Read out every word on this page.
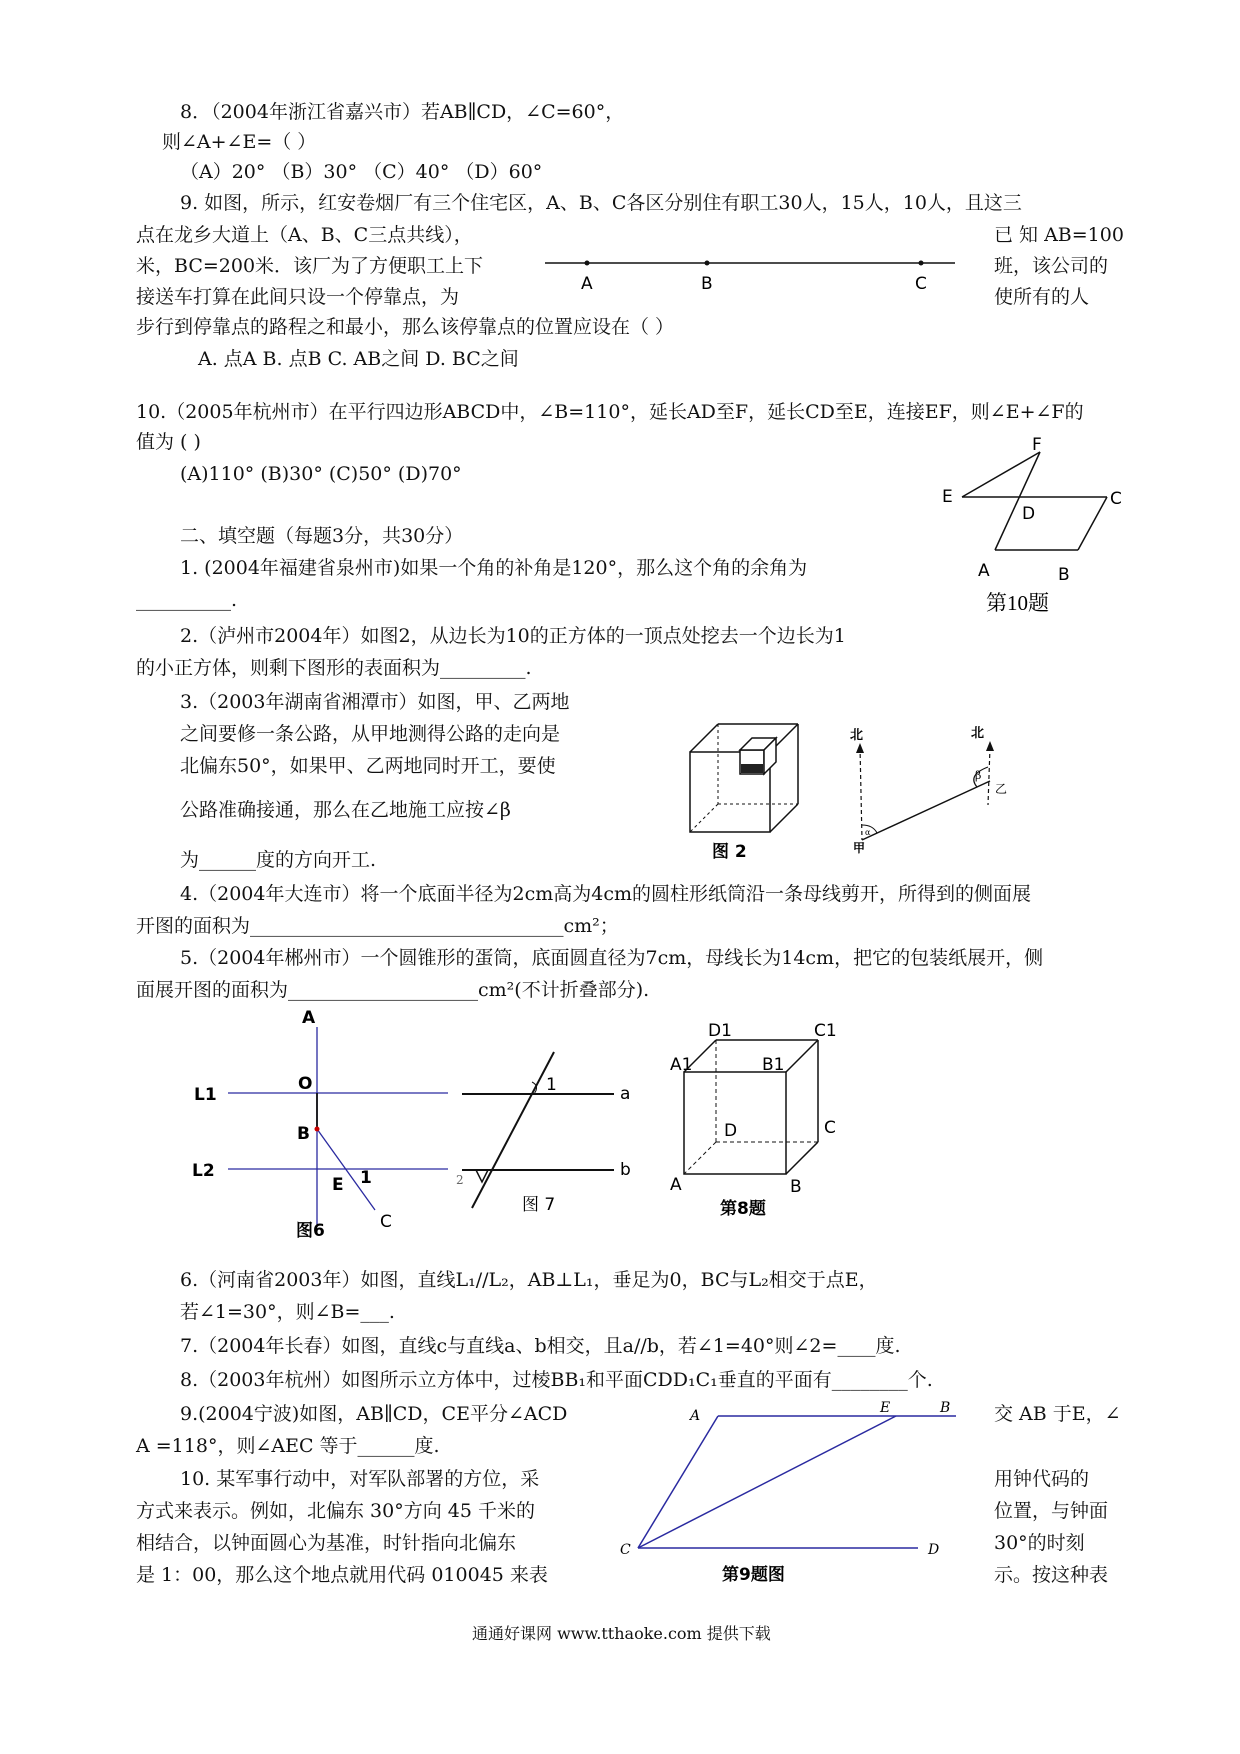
8．（2004年浙江省嘉兴市）若AB∥CD，∠C=60°，
则∠A+∠E=（ ）
（A）20° （B）30° （C）40° （D）60°
9. 如图，所示，红安卷烟厂有三个住宅区，A、B、C各区分别住有职工30人，15人，10人，且这三
点在龙乡大道上（A、B、C三点共线），	已 知 AB=100
米，BC=200米．该厂为了方便职工上下	班，该公司的
接送车打算在此间只设一个停靠点，为	使所有的人
步行到停靠点的路程之和最小，那么该停靠点的位置应设在（ ）
A. 点A B. 点B C. AB之间 D. BC之间
A	B	C
10.（2005年杭州市）在平行四边形ABCD中，∠B=110°，延长AD至F，延长CD至E，连接EF，则∠E+∠F的
值为 ( )
(A)110° (B)30° (C)50° (D)70°
F
E
D
C
A	B
第10题
二、填空题（每题3分，共30分）
1. (2004年福建省泉州市)如果一个角的补角是120°，那么这个角的余角为
__________.
2.（泸州市2004年）如图2，从边长为10的正方体的一顶点处挖去一个边长为1
的小正方体，则剩下图形的表面积为_________.
3.（2003年湖南省湘潭市）如图，甲、乙两地
之间要修一条公路，从甲地测得公路的走向是
北偏东50°，如果甲、乙两地同时开工，要使
公路准确接通，那么在乙地施工应按∠β
为______度的方向开工.	图 2
北	北
α
β
乙
甲
4.（2004年大连市）将一个底面半径为2cm高为4cm的圆柱形纸筒沿一条母线剪开，所得到的侧面展
开图的面积为_________________________________cm²；
5.（2004年郴州市）一个圆锥形的蛋筒，底面圆直径为7cm，母线长为14cm，把它的包装纸展开，侧
面展开图的面积为____________________cm²(不计折叠部分).
A
L1
O
B
L2
E 1
C
图6
1
2
a
b
图 7
D1	C1
A1	B1
D	C
A	B
第8题
6.（河南省2003年）如图，直线L₁//L₂，AB⊥L₁，垂足为0，BC与L₂相交于点E，
若∠1=30°，则∠B=___.
7.（2004年长春）如图，直线c与直线a、b相交，且a//b，若∠1=40°则∠2=____度.
8.（2003年杭州）如图所示立方体中，过棱BB₁和平面CDD₁C₁垂直的平面有________个.
9.(2004宁波)如图，AB∥CD，CE平分∠ACD	交 AB 于E，∠
A =118°，则∠AEC 等于______度.
A	E	B
C	D
第9题图
10. 某军事行动中，对军队部署的方位，采	用钟代码的
方式来表示。例如，北偏东 30°方向 45 千米的	位置，与钟面
相结合，以钟面圆心为基准，时针指向北偏东	30°的时刻
是 1：00，那么这个地点就用代码 010045 来表	示。按这种表
通通好课网 www.tthaoke.com 提供下载
